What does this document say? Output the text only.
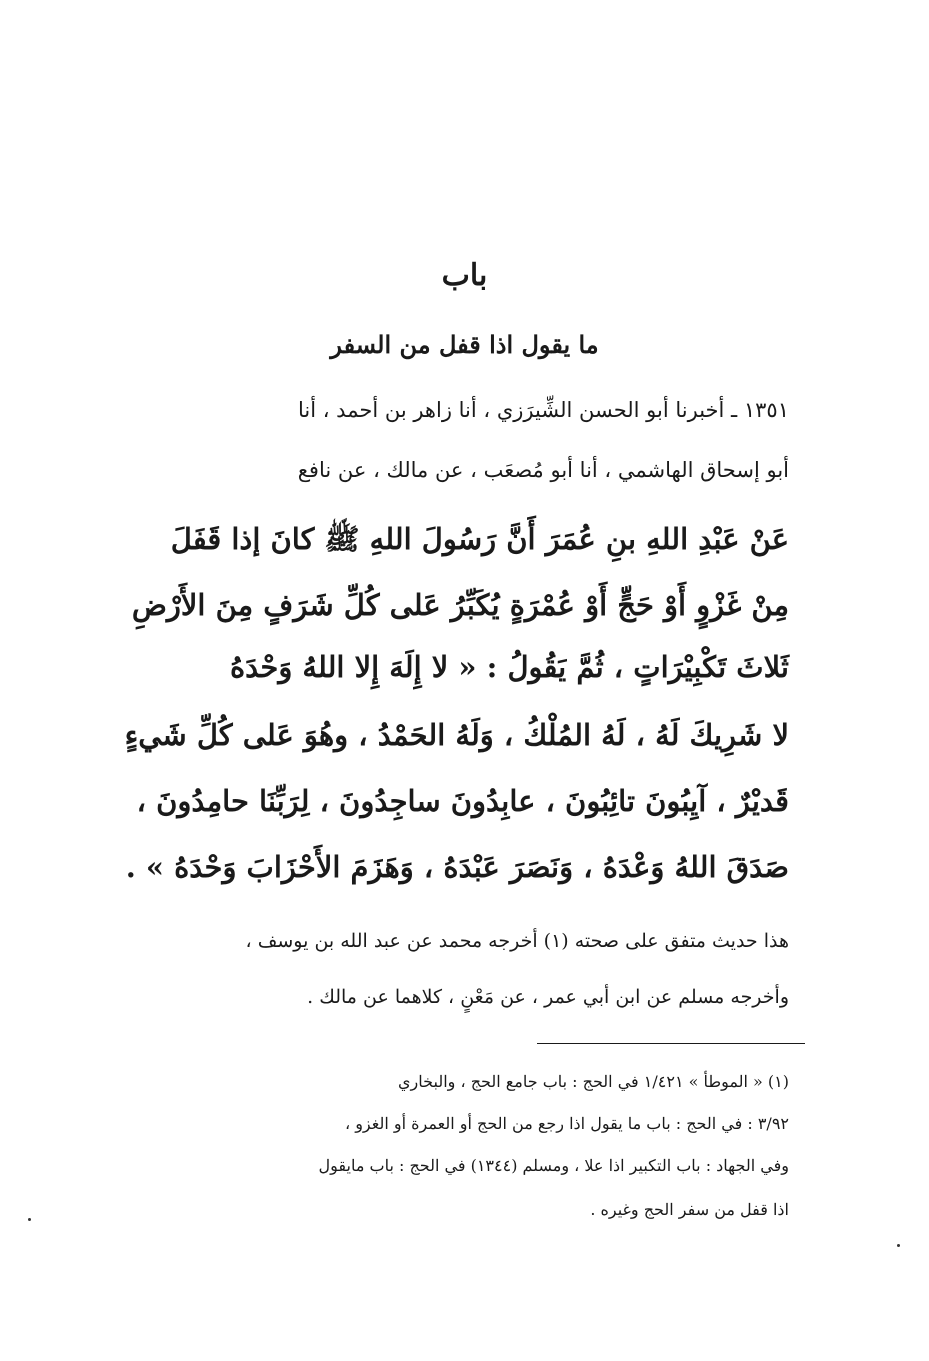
باب
ما يقول اذا قفل من السفر
١٣٥١ ـ أخبرنا أبو الحسن الشِّيرَزي ، أنا زاهر بن أحمد ، أنا
أبو إسحاق الهاشمي ، أنا أبو مُصعَب ، عن مالك ، عن نافع
عَنْ عَبْدِ اللهِ بنِ عُمَرَ أَنَّ رَسُولَ اللهِ ﷺ كانَ إذا قَفَلَ
مِنْ غَزْوٍ أَوْ حَجٍّ أَوْ عُمْرَةٍ يُكَبِّرُ عَلى كُلِّ شَرَفٍ مِنَ الأَرْضِ
ثَلاثَ تَكْبِيْرَاتٍ ، ثُمَّ يَقُولُ : « لا إِلَهَ إِلا اللهُ وَحْدَهُ
لا شَرِيكَ لَهُ ، لَهُ المُلْكُ ، وَلَهُ الحَمْدُ ، وهُوَ عَلى كُلِّ شَيءٍ
قَديْرٌ ، آيِبُونَ تائِبُونَ ، عابِدُونَ ساجِدُونَ ، لِرَبِّنَا حامِدُونَ ،
صَدَقَ اللهُ وَعْدَهُ ، وَنَصَرَ عَبْدَهُ ، وَهَزَمَ الأَحْزَابَ وَحْدَهُ » .
هذا حديث متفق على صحته (١) أخرجه محمد عن عبد الله بن يوسف ،
وأخرجه مسلم عن ابن أبي عمر ، عن مَعْنٍ ، كلاهما عن مالك .
(١) « الموطأ » ١/٤٢١ في الحج : باب جامع الحج ، والبخاري
٣/٩٢ : في الحج : باب ما يقول اذا رجع من الحج أو العمرة أو الغزو ،
وفي الجهاد : باب التكبير اذا علا ، ومسلم (١٣٤٤) في الحج : باب مايقول
اذا قفل من سفر الحج وغيره .
